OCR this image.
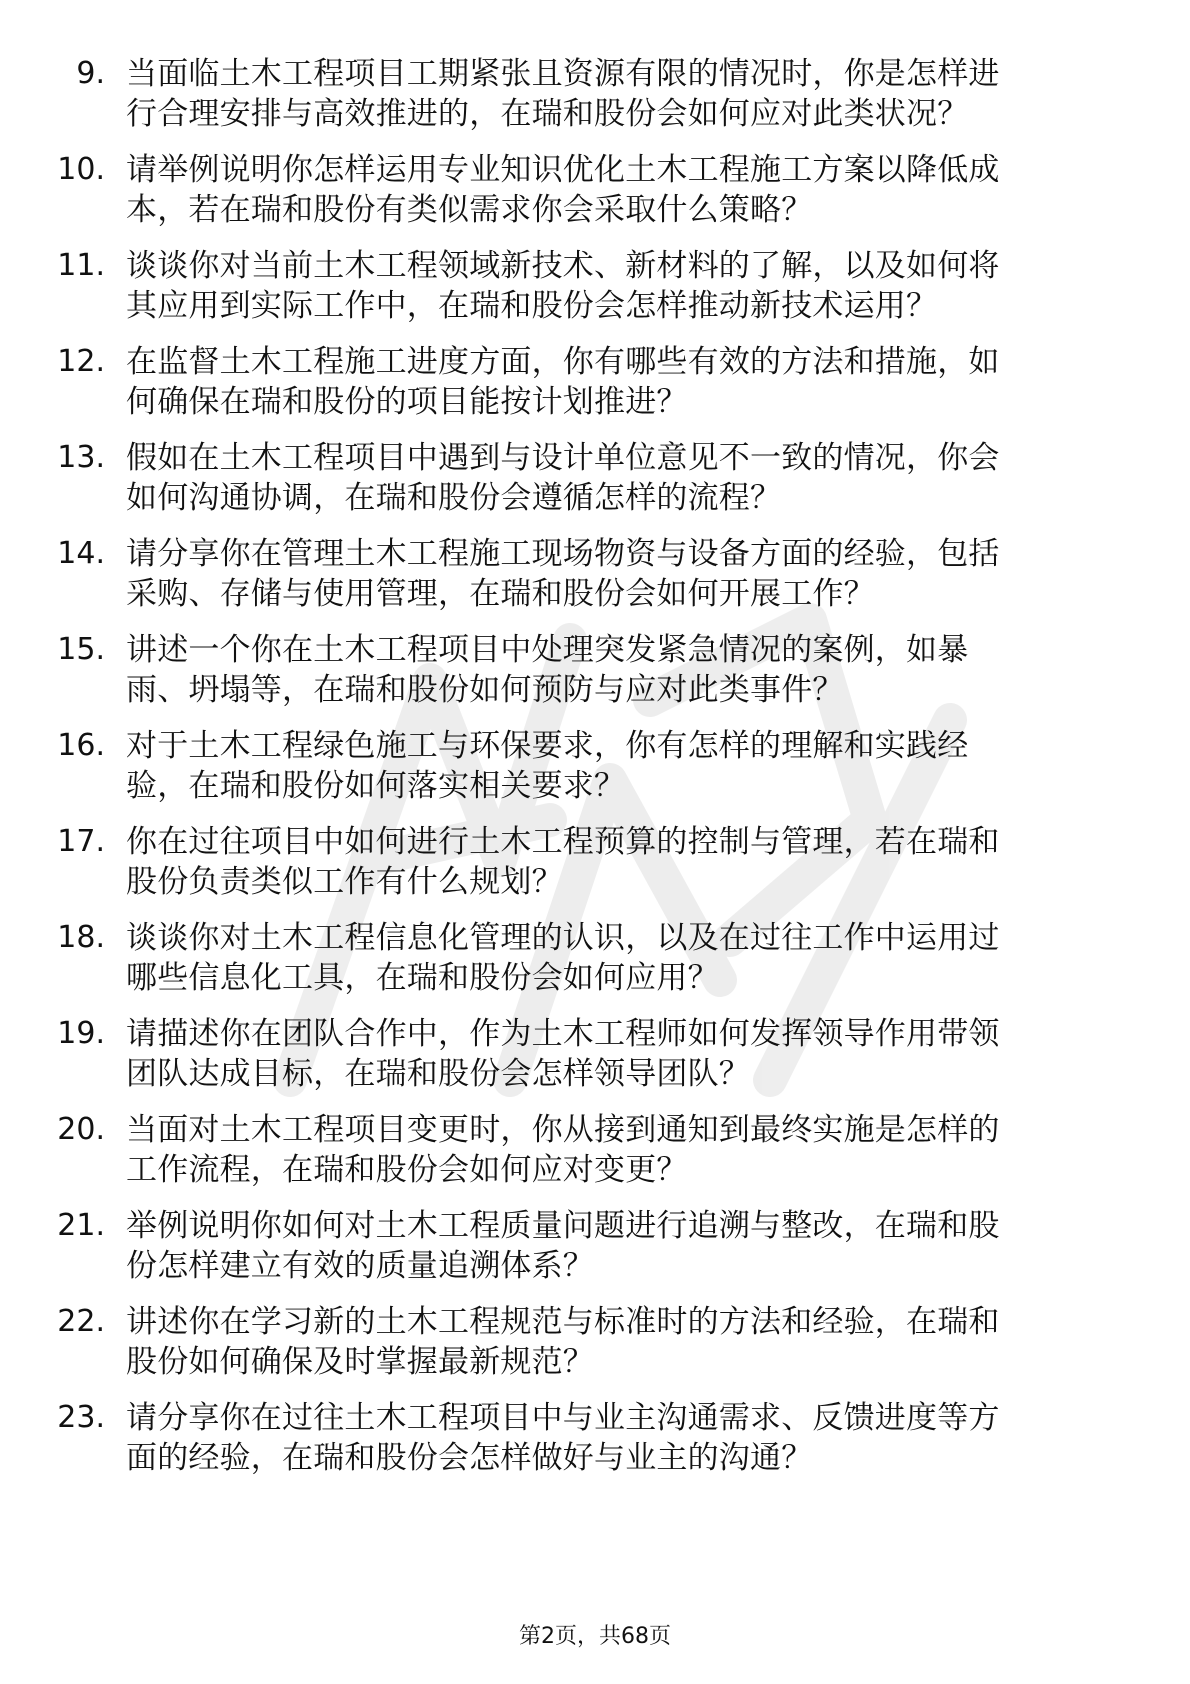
9. 当面临土木工程项目工期紧张且资源有限的情况时，你是怎样进
行合理安排与高效推进的，在瑞和股份会如何应对此类状况？
10. 请举例说明你怎样运用专业知识优化土木工程施工方案以降低成
本，若在瑞和股份有类似需求你会采取什么策略？
11. 谈谈你对当前土木工程领域新技术、新材料的了解，以及如何将
其应用到实际工作中，在瑞和股份会怎样推动新技术运用？
12. 在监督土木工程施工进度方面，你有哪些有效的方法和措施，如
何确保在瑞和股份的项目能按计划推进？
13. 假如在土木工程项目中遇到与设计单位意见不一致的情况，你会
如何沟通协调，在瑞和股份会遵循怎样的流程？
14. 请分享你在管理土木工程施工现场物资与设备方面的经验，包括
采购、存储与使用管理，在瑞和股份会如何开展工作？
15. 讲述一个你在土木工程项目中处理突发紧急情况的案例，如暴
雨、坍塌等，在瑞和股份如何预防与应对此类事件？
16. 对于土木工程绿色施工与环保要求，你有怎样的理解和实践经
验，在瑞和股份如何落实相关要求？
17. 你在过往项目中如何进行土木工程预算的控制与管理，若在瑞和
股份负责类似工作有什么规划？
18. 谈谈你对土木工程信息化管理的认识，以及在过往工作中运用过
哪些信息化工具，在瑞和股份会如何应用？
19. 请描述你在团队合作中，作为土木工程师如何发挥领导作用带领
团队达成目标，在瑞和股份会怎样领导团队？
20. 当面对土木工程项目变更时，你从接到通知到最终实施是怎样的
工作流程，在瑞和股份会如何应对变更？
21. 举例说明你如何对土木工程质量问题进行追溯与整改，在瑞和股
份怎样建立有效的质量追溯体系？
22. 讲述你在学习新的土木工程规范与标准时的方法和经验，在瑞和
股份如何确保及时掌握最新规范？
23. 请分享你在过往土木工程项目中与业主沟通需求、反馈进度等方
面的经验，在瑞和股份会怎样做好与业主的沟通？
第2页，共68页
